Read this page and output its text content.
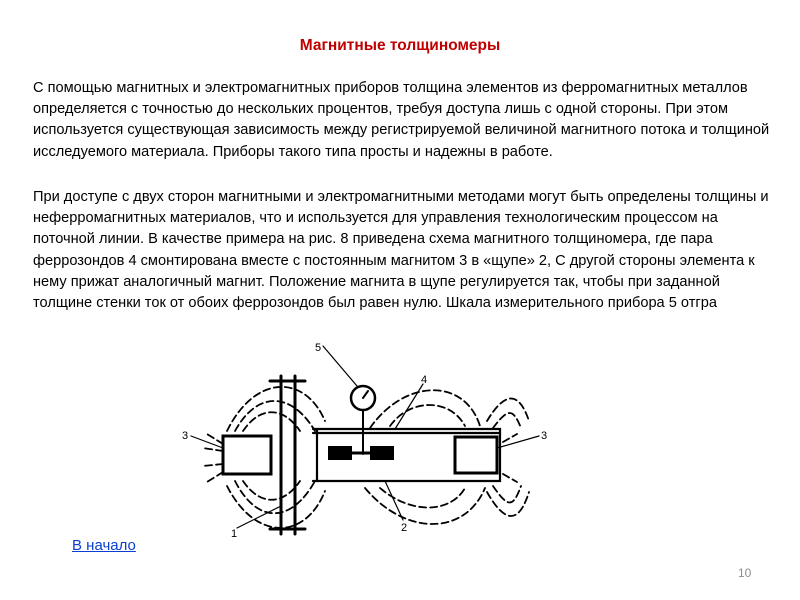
Магнитные толщиномеры
С помощью магнитных и электромагнитных приборов толщина элементов из ферромагнитных металлов определяется с точностью до нескольких процентов, требуя доступа лишь с одной стороны. При этом используется существующая зависимость между регистрируемой величиной магнитного потока и толщиной исследуемого материала. Приборы такого типа просты и надежны в работе.
При доступе с двух сторон магнитными и электромагнитными методами могут быть определены толщины и неферромагнитных материалов, что и используется для управления технологическим процессом на поточной линии. В качестве примера на рис. 8 приведена схема магнитного толщиномера, где пара феррозондов 4 смонтирована вместе с постоянным магнитом 3 в «щупе» 2, С другой стороны элемента к нему прижат аналогичный магнит. Положение магнита в щупе регулируется так, чтобы при заданной толщине стенки ток от обоих феррозондов был равен нулю. Шкала измерительного прибора 5 отгра
3	3
1	2
4
5
В начало
10
